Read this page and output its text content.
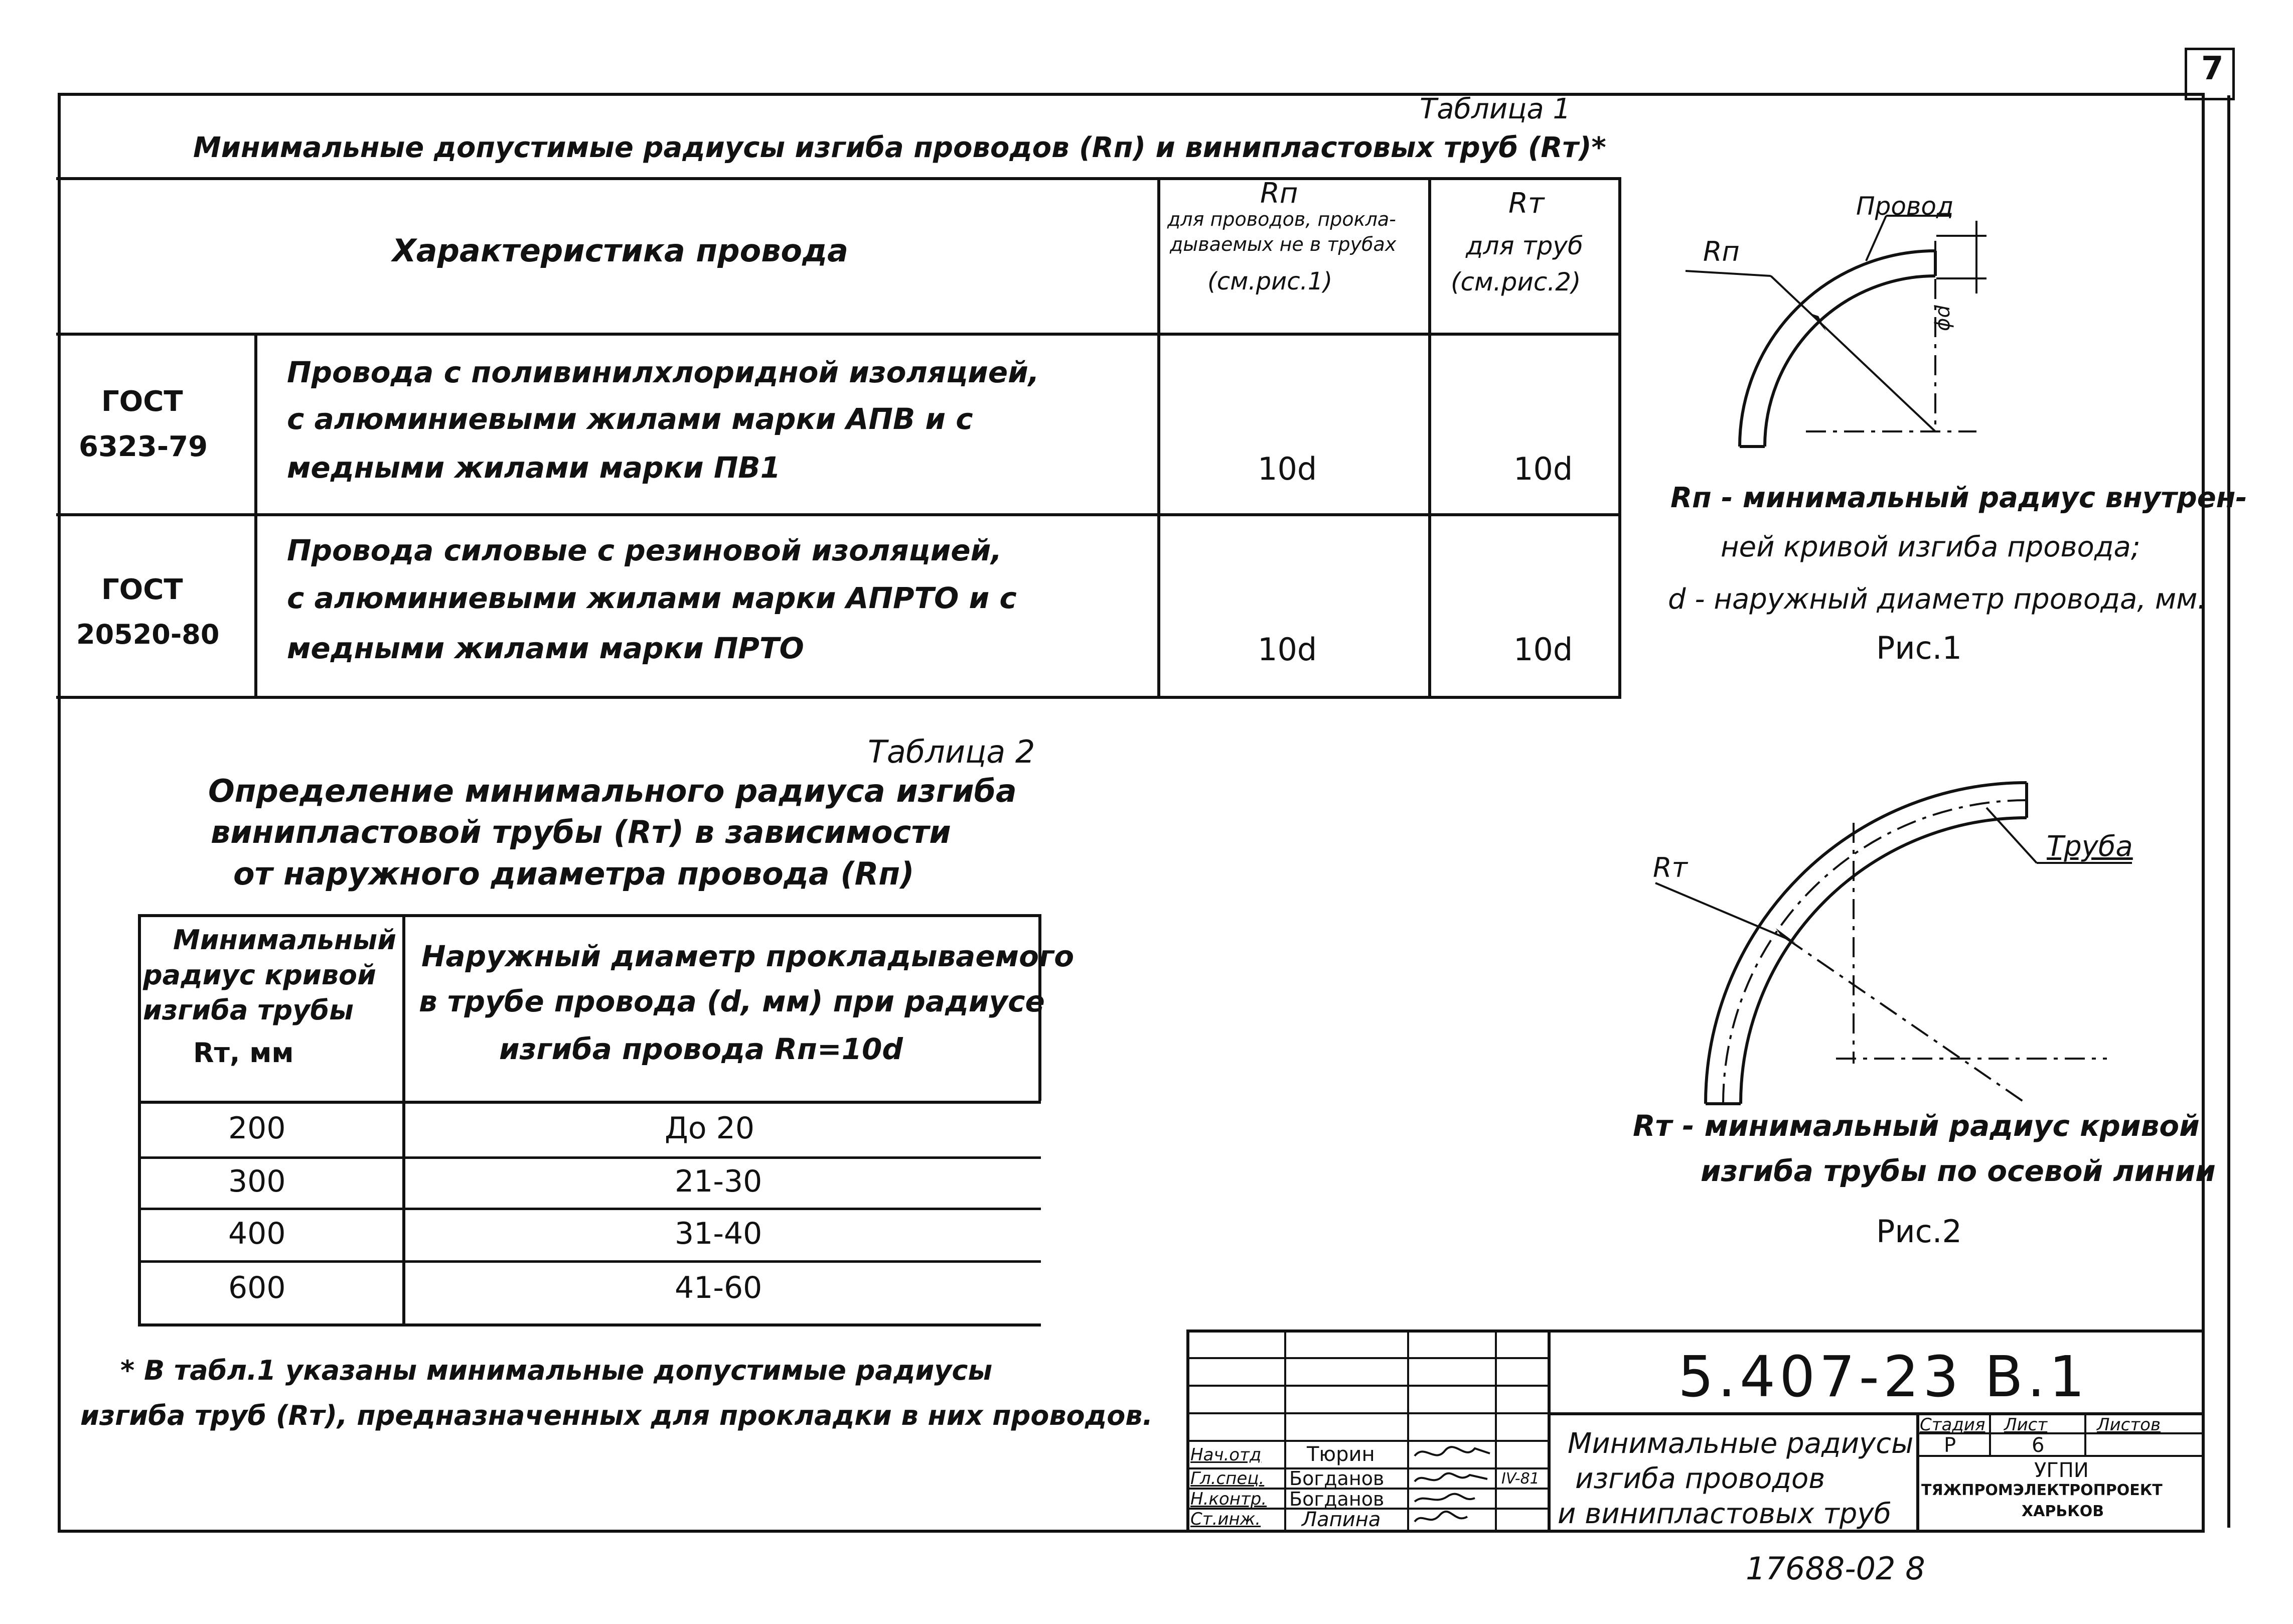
7
Таблица 1
Минимальные допустимые радиусы изгиба проводов (Rп) и винипластовых труб (Rт)*
Характеристика провода
Rп
для проводов, прокла-
дываемых не в трубах
(см.рис.1)
Rт
для труб
(см.рис.2)
ГОСТ
6323-79
Провода с поливинилхлоридной изоляцией,
с алюминиевыми жилами марки АПВ и с
медными жилами марки ПВ1	10d	10d
ГОСТ
20520-80
Провода силовые с резиновой изоляцией,
с алюминиевыми жилами марки АПРТО и с
медными жилами марки ПРТО	10d	10d
Rп
Провод
ϕd
Rп - минимальный радиус внутрен-
ней кривой изгиба провода;
d - наружный диаметр провода, мм.
Рис.1
Таблица 2
Определение минимального радиуса изгиба
винипластовой трубы (Rт) в зависимости
от наружного диаметра провода (Rп)
Минимальный
радиус кривой
изгиба трубы
Rт, мм
Наружный диаметр прокладываемого
в трубе провода (d, мм) при радиусе
изгиба провода Rп=10d
200	До 20
300	21-30
400	31-40
600	41-60
Rт
Труба
Rт - минимальный радиус кривой
изгиба трубы по осевой линии
Рис.2
* В табл.1 указаны минимальные допустимые радиусы
изгиба труб (Rт), предназначенных для прокладки в них проводов.
5.407-23 В.1
Минимальные радиусы
изгиба проводов
и винипластовых труб
Стадия Лист	Листов
Р	6
УГПИ
ТЯЖПРОМЭЛЕКТРОПРОЕКТ
ХАРЬКОВ
Нач.отд Тюрин
Гл.спец. Богданов	IV-81
Н.контр. Богданов
Ст.инж. Лапина
17688-02 8
